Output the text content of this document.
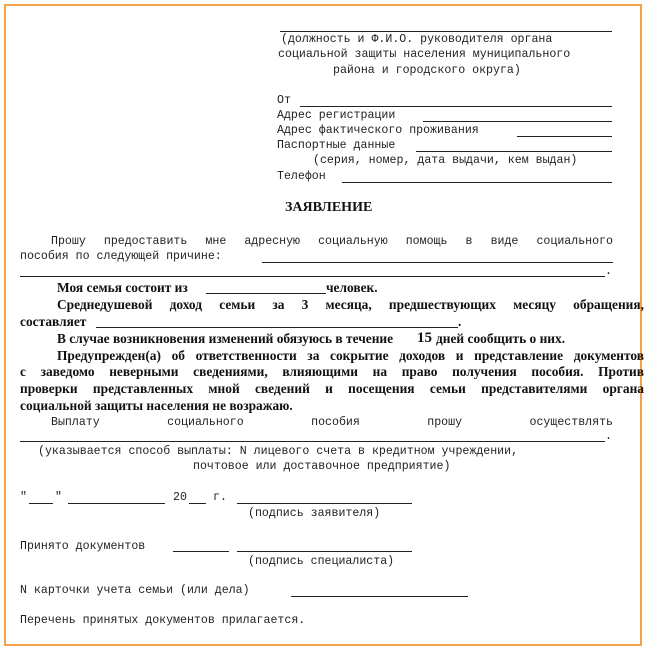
(должность и Ф.И.О. руководителя органа
социальной защиты населения муниципального
района и городского округа)
От
Адрес регистрации
Адрес фактического проживания
Паспортные данные
(серия, номер, дата выдачи, кем выдан)
Телефон
ЗАЯВЛЕНИЕ
Прошу предоставить мне адресную социальную помощь в виде социального
пособия по следующей причине:
.
Моя семья состоит из	человек.
Среднедушевой доход семьи за 3 месяца, предшествующих месяцу обращения,
составляет	.
В случае возникновения изменений обязуюсь в течение 15 дней сообщить о них.
Предупрежден(а) об ответственности за сокрытие доходов и представление документов
с заведомо неверными сведениями, влияющими на право получения пособия. Против
проверки представленных мной сведений и посещения семьи представителями органа
социальной защиты населения не возражаю.
Выплату социального пособия прошу осуществлять
.
(указывается способ выплаты: N лицевого счета в кредитном учреждении,
почтовое или доставочное предприятие)
" "	20 г.
(подпись заявителя)
Принято документов
(подпись специалиста)
N карточки учета семьи (или дела)
Перечень принятых документов прилагается.
